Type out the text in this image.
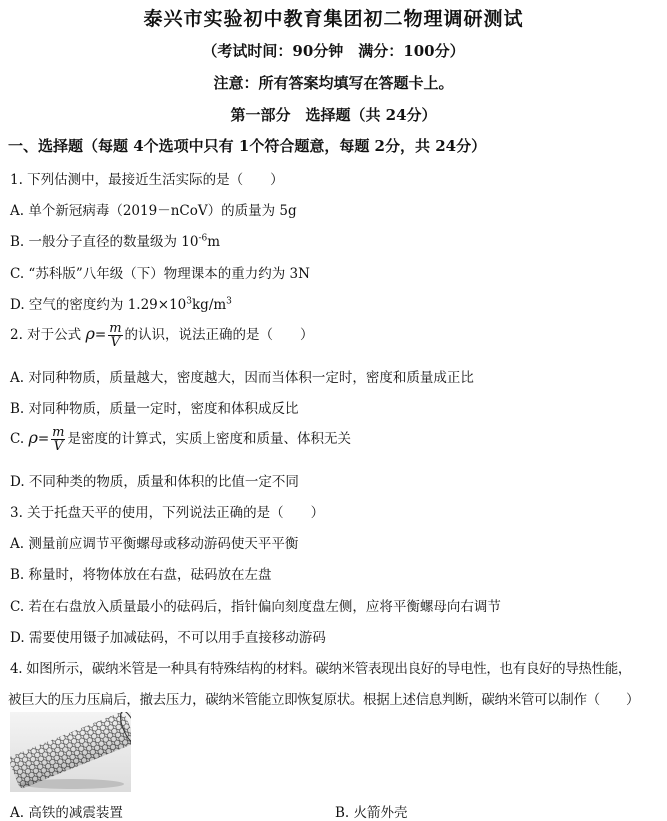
泰兴市实验初中教育集团初二物理调研测试
（考试时间：90分钟　满分：100分）
注意：所有答案均填写在答题卡上。
第一部分　选择题（共 24分）
一、选择题（每题 4个选项中只有 1个符合题意，每题 2分，共 24分）
1. 下列估测中，最接近生活实际的是（　　）
A. 单个新冠病毒（2019－nCoV）的质量为 5g
B. 一般分子直径的数量级为 $10^{-6}m$
C. “苏科版”八年级（下）物理课本的重力约为 3N
D. 空气的密度约为 $1.29\times 10^3kg/m^3$
2. 对于公式 $\rho= \frac{m}{V}$ 的认识，说法正确的是（　　）
A. 对同种物质，质量越大，密度越大，因而当体积一定时，密度和质量成正比
B. 对同种物质，质量一定时，密度和体积成反比
C. $\rho= \frac{m}{V}$ 是密度的计算式，实质上密度和质量、体积无关
D. 不同种类的物质，质量和体积的比值一定不同
3. 关于托盘天平的使用，下列说法正确的是（　　）
A. 测量前应调节平衡螺母或移动游码使天平平衡
B. 称量时，将物体放在右盘，砝码放在左盘
C. 若在右盘放入质量最小的砝码后，指针偏向刻度盘左侧，应将平衡螺母向右调节
D. 需要使用镊子加减砝码，不可以用手直接移动游码
4. 如图所示，碳纳米管是一种具有特殊结构的材料。碳纳米管表现出良好的导电性，也有良好的导热性能，
被巨大的压力压扁后，撤去压力，碳纳米管能立即恢复原状。根据上述信息判断，碳纳米管可以制作（　　）
A. 高铁的减震装置	B. 火箭外壳
